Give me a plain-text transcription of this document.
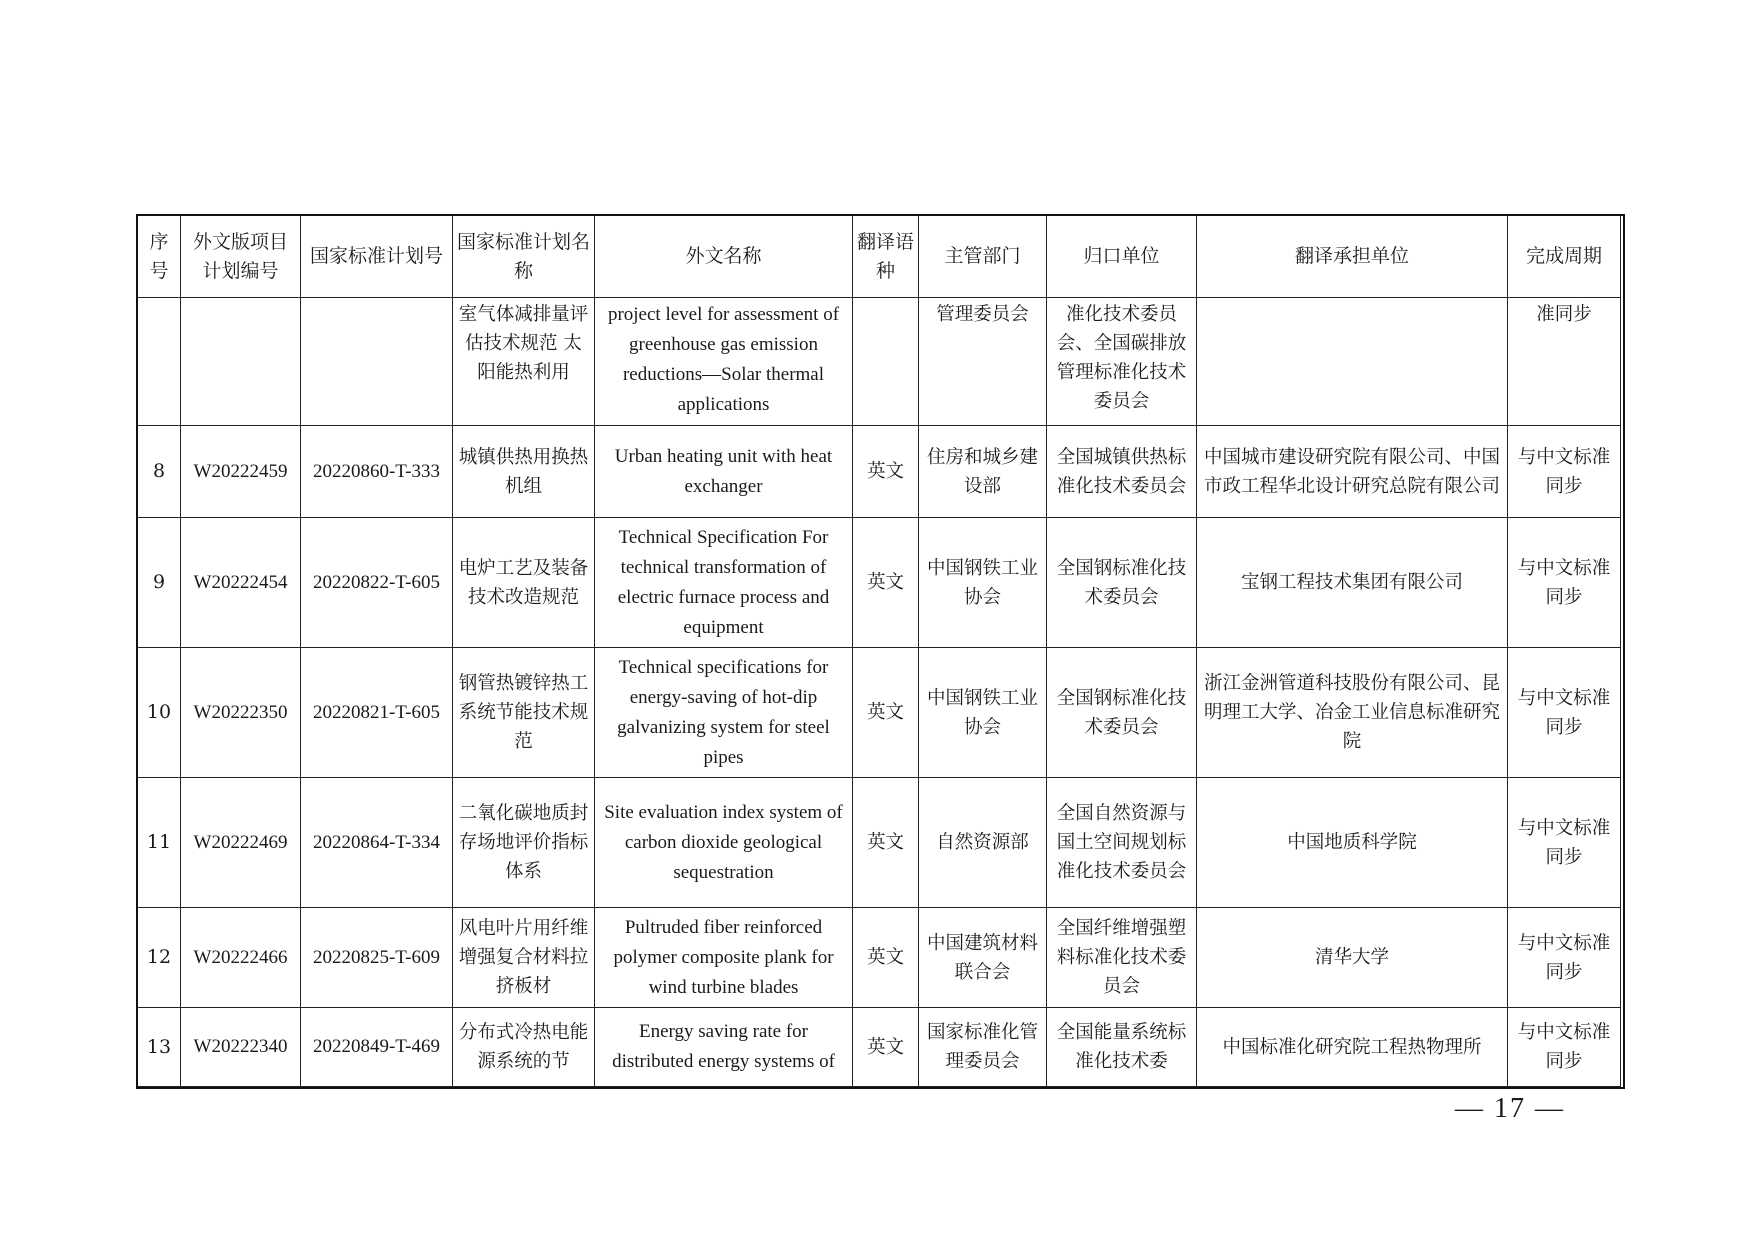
序号	外文版项目计划编号	国家标准计划号	国家标准计划名称	外文名称	翻译语种	主管部门	归口单位	翻译承担单位	完成周期
			室气体减排量评估技术规范 太阳能热利用	project level for assessment of greenhouse gas emission reductions—Solar thermal applications		管理委员会	准化技术委员会、全国碳排放管理标准化技术委员会		准同步
8	W20222459	20220860-T-333	城镇供热用换热机组	Urban heating unit with heat exchanger	英文	住房和城乡建设部	全国城镇供热标准化技术委员会	中国城市建设研究院有限公司、中国市政工程华北设计研究总院有限公司	与中文标准同步
9	W20222454	20220822-T-605	电炉工艺及装备技术改造规范	Technical Specification For technical transformation of electric furnace process and equipment	英文	中国钢铁工业协会	全国钢标准化技术委员会	宝钢工程技术集团有限公司	与中文标准同步
10	W20222350	20220821-T-605	钢管热镀锌热工系统节能技术规范	Technical specifications for energy-saving of hot-dip galvanizing system for steel pipes	英文	中国钢铁工业协会	全国钢标准化技术委员会	浙江金洲管道科技股份有限公司、昆明理工大学、冶金工业信息标准研究院	与中文标准同步
11	W20222469	20220864-T-334	二氧化碳地质封存场地评价指标体系	Site evaluation index system of carbon dioxide geological sequestration	英文	自然资源部	全国自然资源与国土空间规划标准化技术委员会	中国地质科学院	与中文标准同步
12	W20222466	20220825-T-609	风电叶片用纤维增强复合材料拉挤板材	Pultruded fiber reinforced polymer composite plank for wind turbine blades	英文	中国建筑材料联合会	全国纤维增强塑料标准化技术委员会	清华大学	与中文标准同步
13	W20222340	20220849-T-469	分布式冷热电能源系统的节	Energy saving rate for distributed energy systems of	英文	国家标准化管理委员会	全国能量系统标准化技术委	中国标准化研究院工程热物理所	与中文标准同步
— 17 —
